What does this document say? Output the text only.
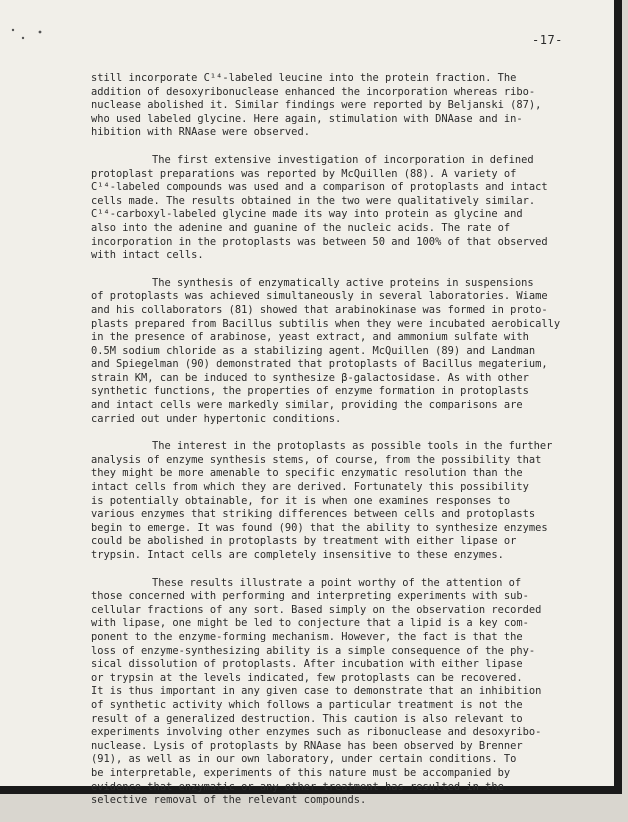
-17-

still incorporate C¹⁴-labeled leucine into the protein fraction. The
addition of desoxyribonuclease enhanced the incorporation whereas ribo-
nuclease abolished it. Similar findings were reported by Beljanski (87),
who used labeled glycine. Here again, stimulation with DNAase and in-
hibition with RNAase were observed.

The first extensive investigation of incorporation in defined
protoplast preparations was reported by McQuillen (88). A variety of
C¹⁴-labeled compounds was used and a comparison of protoplasts and intact
cells made. The results obtained in the two were qualitatively similar.
C¹⁴-carboxyl-labeled glycine made its way into protein as glycine and
also into the adenine and guanine of the nucleic acids. The rate of
incorporation in the protoplasts was between 50 and 100% of that observed
with intact cells.

The synthesis of enzymatically active proteins in suspensions
of protoplasts was achieved simultaneously in several laboratories. Wiame
and his collaborators (81) showed that arabinokinase was formed in proto-
plasts prepared from Bacillus subtilis when they were incubated aerobically
in the presence of arabinose, yeast extract, and ammonium sulfate with
0.5M sodium chloride as a stabilizing agent. McQuillen (89) and Landman
and Spiegelman (90) demonstrated that protoplasts of Bacillus megaterium,
strain KM, can be induced to synthesize β-galactosidase. As with other
synthetic functions, the properties of enzyme formation in protoplasts
and intact cells were markedly similar, providing the comparisons are
carried out under hypertonic conditions.

The interest in the protoplasts as possible tools in the further
analysis of enzyme synthesis stems, of course, from the possibility that
they might be more amenable to specific enzymatic resolution than the
intact cells from which they are derived. Fortunately this possibility
is potentially obtainable, for it is when one examines responses to
various enzymes that striking differences between cells and protoplasts
begin to emerge. It was found (90) that the ability to synthesize enzymes
could be abolished in protoplasts by treatment with either lipase or
trypsin. Intact cells are completely insensitive to these enzymes.

These results illustrate a point worthy of the attention of
those concerned with performing and interpreting experiments with sub-
cellular fractions of any sort. Based simply on the observation recorded
with lipase, one might be led to conjecture that a lipid is a key com-
ponent to the enzyme-forming mechanism. However, the fact is that the
loss of enzyme-synthesizing ability is a simple consequence of the phy-
sical dissolution of protoplasts. After incubation with either lipase
or trypsin at the levels indicated, few protoplasts can be recovered.
It is thus important in any given case to demonstrate that an inhibition
of synthetic activity which follows a particular treatment is not the
result of a generalized destruction. This caution is also relevant to
experiments involving other enzymes such as ribonuclease and desoxyribo-
nuclease. Lysis of protoplasts by RNAase has been observed by Brenner
(91), as well as in our own laboratory, under certain conditions. To
be interpretable, experiments of this nature must be accompanied by
evidence that enzymatic or any other treatment has resulted in the
selective removal of the relevant compounds.
